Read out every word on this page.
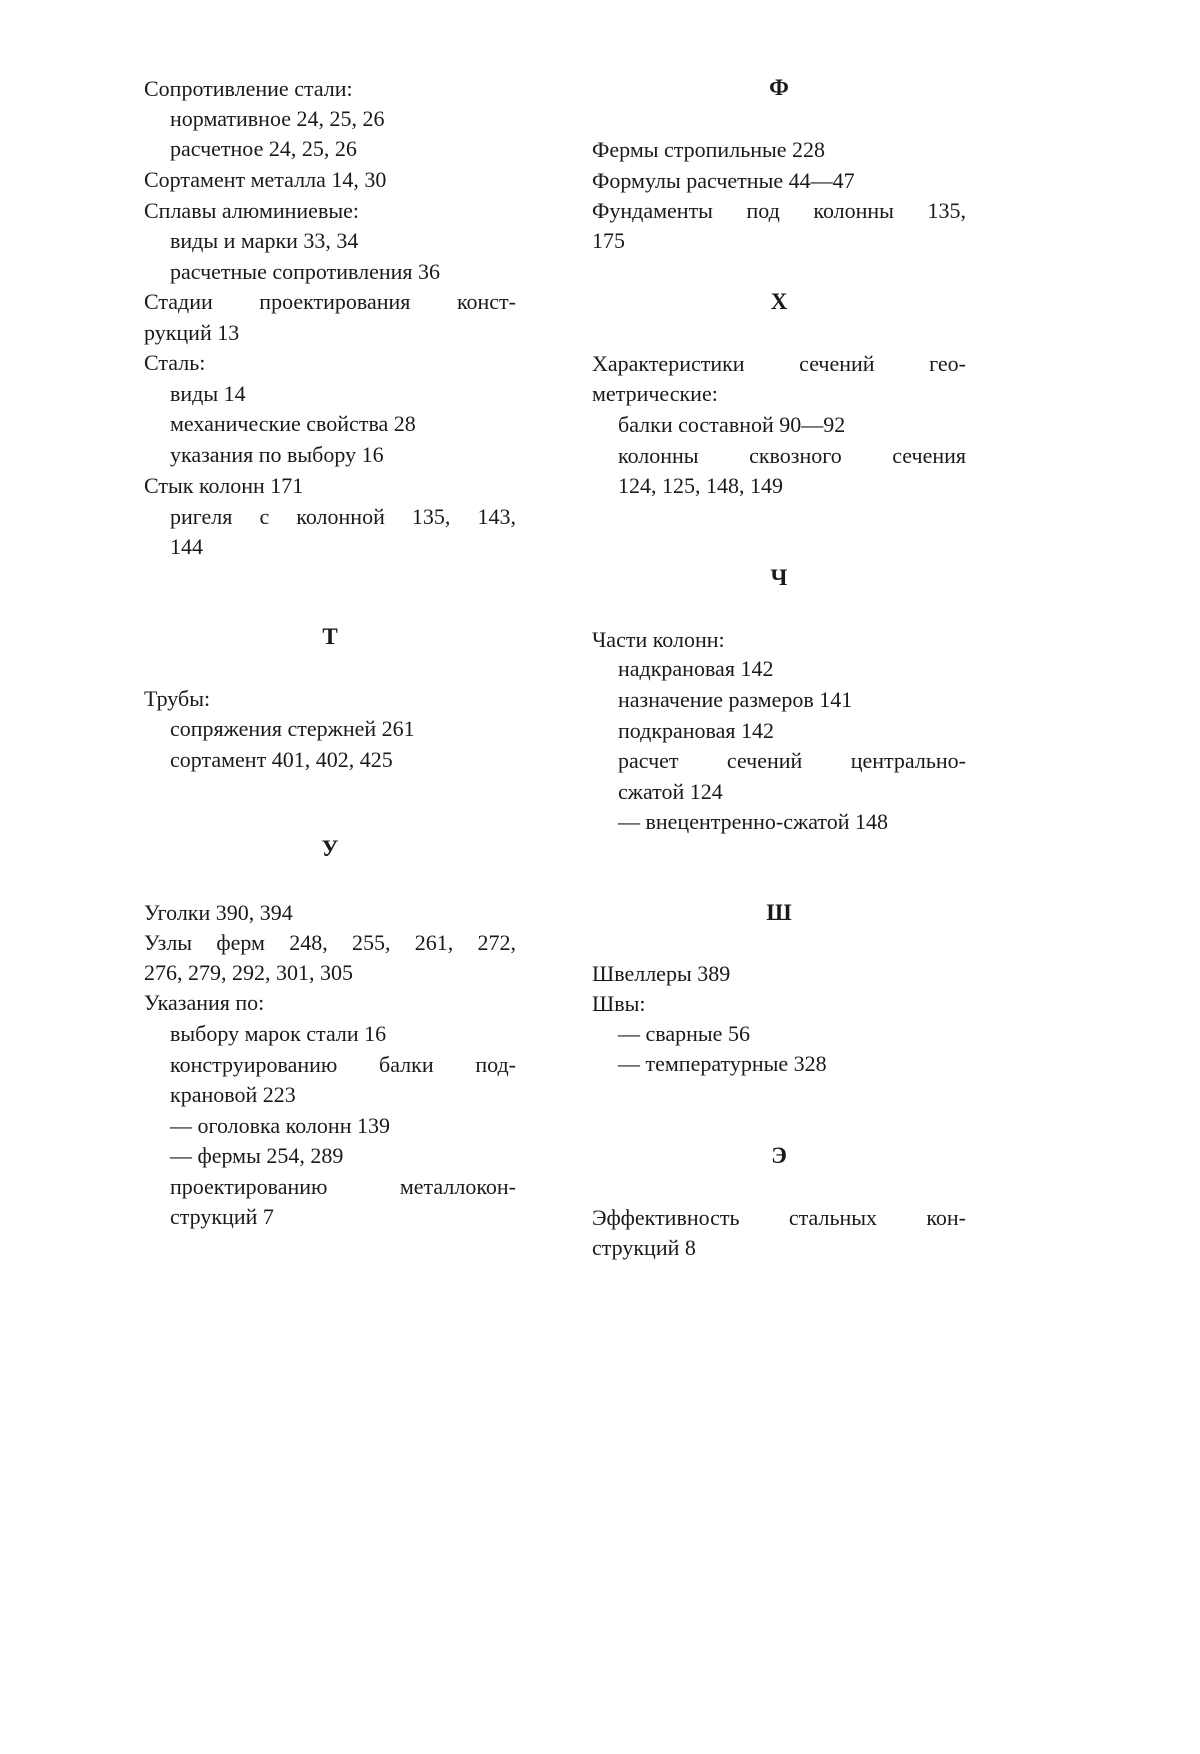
Сопротивление стали:
нормативное 24, 25, 26
расчетное 24, 25, 26
Сортамент металла 14, 30
Сплавы алюминиевые:
виды и марки 33, 34
расчетные сопротивления 36
Стадии проектирования конст-
рукций 13
Сталь:
виды 14
механические свойства 28
указания по выбору 16
Стык колонн 171
ригеля с колонной 135, 143,
144
Т
Трубы:
сопряжения стержней 261
сортамент 401, 402, 425
У
Уголки 390, 394
Узлы ферм 248, 255, 261, 272,
276, 279, 292, 301, 305
Указания по:
выбору марок стали 16
конструированию балки под-
крановой 223
— оголовка колонн 139
— фермы 254, 289
проектированию металлокон-
струкций 7
Ф
Фермы стропильные 228
Формулы расчетные 44—47
Фундаменты под колонны 135,
175
Х
Характеристики сечений гео-
метрические:
балки составной 90—92
колонны сквозного сечения
124, 125, 148, 149
Ч
Части колонн:
надкрановая 142
назначение размеров 141
подкрановая 142
расчет сечений центрально-
сжатой 124
— внецентренно-сжатой 148
Ш
Швеллеры 389
Швы:
— сварные 56
— температурные 328
Э
Эффективность стальных кон-
струкций 8
